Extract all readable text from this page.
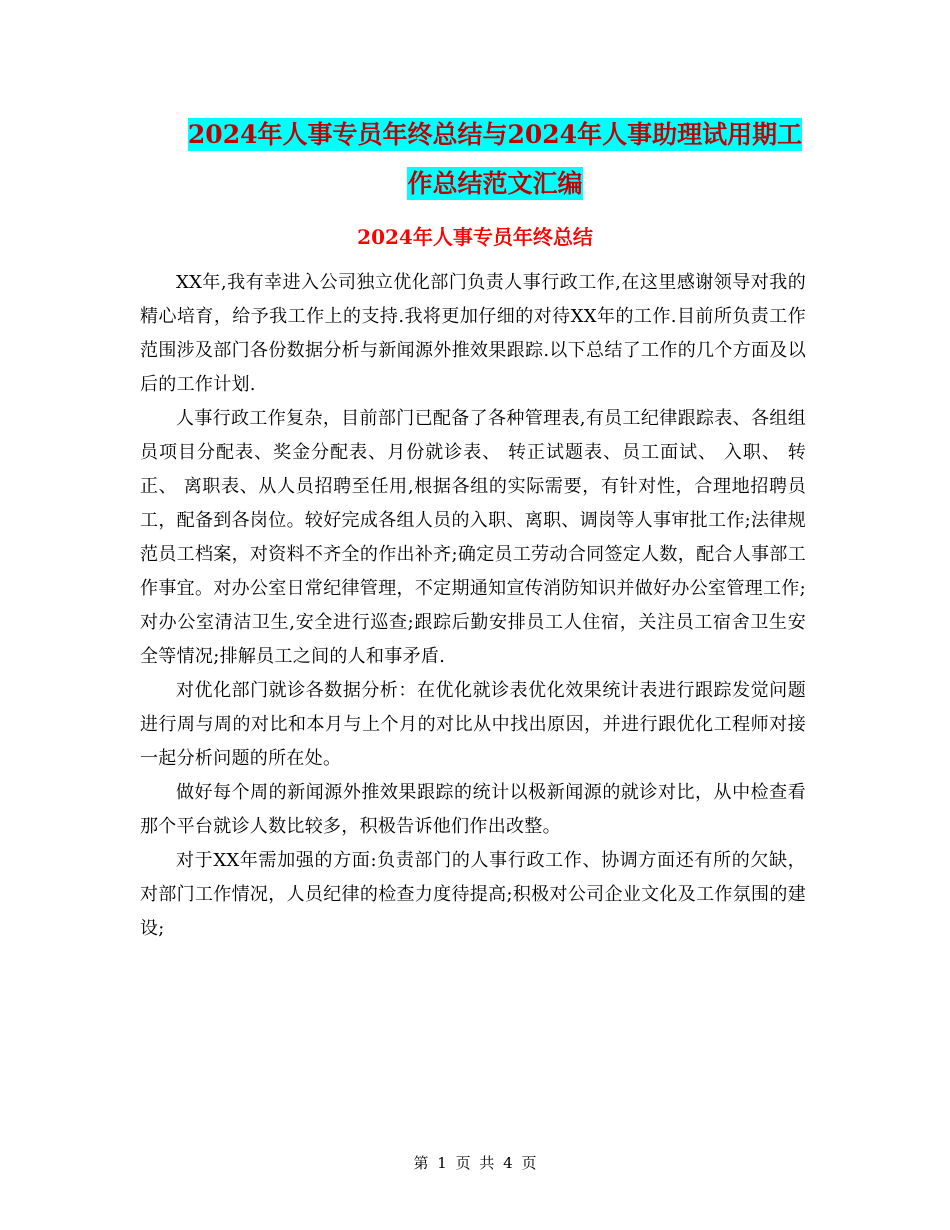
2024年人事专员年终总结与2024年人事助理试用期工
作总结范文汇编
2024年人事专员年终总结

XX年,我有幸进入公司独立优化部门负责人事行政工作,在这里感谢领导对我的精心培育，给予我工作上的支持.我将更加仔细的对待XX年的工作.目前所负责工作范围涉及部门各份数据分析与新闻源外推效果跟踪.以下总结了工作的几个方面及以后的工作计划.

人事行政工作复杂，目前部门已配备了各种管理表,有员工纪律跟踪表、各组组员项目分配表、奖金分配表、月份就诊表、 转正试题表、员工面试、 入职、 转正、 离职表、从人员招聘至任用,根据各组的实际需要，有针对性，合理地招聘员工，配备到各岗位。较好完成各组人员的入职、离职、调岗等人事审批工作;法律规范员工档案，对资料不齐全的作出补齐;确定员工劳动合同签定人数，配合人事部工作事宜。对办公室日常纪律管理，不定期通知宣传消防知识并做好办公室管理工作;对办公室清洁卫生,安全进行巡查;跟踪后勤安排员工人住宿，关注员工宿舍卫生安全等情况;排解员工之间的人和事矛盾.

对优化部门就诊各数据分析：在优化就诊表优化效果统计表进行跟踪发觉问题进行周与周的对比和本月与上个月的对比从中找出原因，并进行跟优化工程师对接一起分析问题的所在处。

做好每个周的新闻源外推效果跟踪的统计以极新闻源的就诊对比，从中检查看那个平台就诊人数比较多，积极告诉他们作出改整。

对于XX年需加强的方面:负责部门的人事行政工作、协调方面还有所的欠缺，对部门工作情况，人员纪律的检查力度待提高;积极对公司企业文化及工作氛围的建设;

第 1 页 共 4 页
